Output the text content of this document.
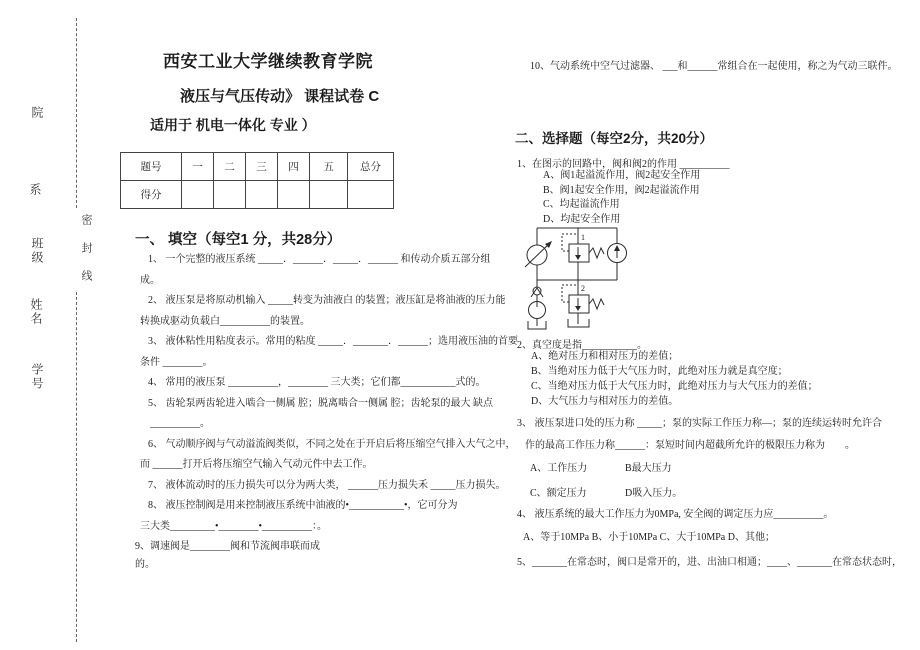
院
系
班级
姓名
学号
密封线
西安工业大学继续教育学院
液压与气压传动》 课程试卷 C
适用于 机电一体化 专业 ）
题号	一	二	三	四	五	总分
得分						
一、 填空（每空1 分，共28分）
1、 一个完整的液压系统 _____．______．_____．______ 和传动介质五部分组
成。
2、 液压泵是将原动机输入 _____转变为油液白 的装置；液压缸是将油液的压力能
转换成驱动负载白__________的装置。
3、 液体粘性用粘度表示。常用的粘度 _____．_______．______；选用液压油的首要
条件 ________。
4、 常用的液压泵 __________，________ 三大类；它们都___________式的。
5、 齿轮泵两齿轮进入啮合一侧属 腔；脱离啮合一侧属 腔；齿轮泵的最大 缺点
__________。
6、 气动顺序阀与气动溢流阀类似，不同之处在于开启后将压缩空气排入大气之中，
而 ______打开后将压缩空气输入气动元件中去工作。
7、 液体流动时的压力损失可以分为两大类， ______压力损失禾 _____压力损失。
8、 液压控制阀是用来控制液压系统中油液的•___________•，它可分为
三大类_________•________•__________：。
9、调速阀是________阀和节流阀串联而成
的。
10、气动系统中空气过滤器、 ___和______常组合在一起使用，称之为气动三联件。
二、选择题（每空2分，共20分）
1、在图示的回路中，阀和阀2的作用 __________
A、阀1起溢流作用，阀2起安全作用
B、阀1起安全作用，阀2起溢流作用
C、均起溢流作用
D、均起安全作用
1
2
2、真空度是指___________。
A、绝对压力和相对压力的差值；
B、当绝对压力低于大气压力时，此绝对压力就是真空度；
C、当绝对压力低于大气压力时，此绝对压力与大气压力的差值；
D、大气压力与相对压力的差值。
3、 液压泵进口处的压力称 _____；泵的实际工作压力称—；泵的连续运转时允许合
作的最高工作压力称______：泵短时间内超截所允许的极限压力称为　　。
A、工作压力	B最大压力
C、额定压力	D吸入压力。
4、 液压系统的最大工作压力为0MPa, 安全阀的调定压力应__________。
A、等于10MPa B、小于10MPa C、大于10MPa D、其他；
5、_______在常态时，阀口是常开的，进、出油口相通；____、_______在常态状态时，
